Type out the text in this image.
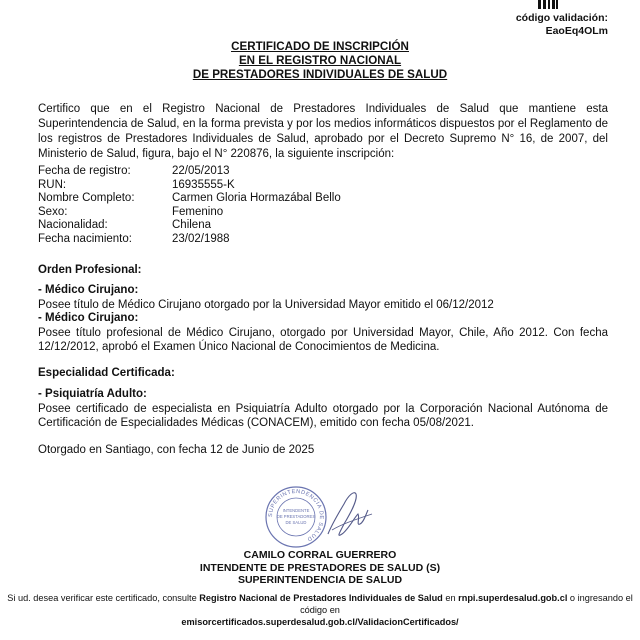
código validación:
EaoEq4OLm
CERTIFICADO DE INSCRIPCIÓN
EN EL REGISTRO NACIONAL
DE PRESTADORES INDIVIDUALES DE SALUD
Certifico que en el Registro Nacional de Prestadores Individuales de Salud que mantiene esta Superintendencia de Salud, en la forma prevista y por los medios informáticos dispuestos por el Reglamento de los registros de Prestadores Individuales de Salud, aprobado por el Decreto Supremo N° 16, de 2007, del Ministerio de Salud, figura, bajo el N° 220876, la siguiente inscripción:
Fecha de registro:	22/05/2013
RUN:	16935555-K
Nombre Completo:	Carmen Gloria Hormazábal Bello
Sexo:	Femenino
Nacionalidad:	Chilena
Fecha nacimiento:	23/02/1988
Orden Profesional:
- Médico Cirujano:
Posee título de Médico Cirujano otorgado por la Universidad Mayor emitido el 06/12/2012
- Médico Cirujano:
Posee título profesional de Médico Cirujano, otorgado por Universidad Mayor, Chile, Año 2012. Con fecha 12/12/2012, aprobó el Examen Único Nacional de Conocimientos de Medicina.
Especialidad Certificada:
- Psiquiatría Adulto:
Posee certificado de especialista en Psiquiatría Adulto otorgado por la Corporación Nacional Autónoma de Certificación de Especialidades Médicas (CONACEM), emitido con fecha 05/08/2021.
Otorgado en Santiago, con fecha 12 de Junio de 2025
SUPERINTENDENCIA DE SALUD
INTENDENTE
DE PRESTADORES
DE SALUD
CAMILO CORRAL GUERRERO
INTENDENTE DE PRESTADORES DE SALUD (S)
SUPERINTENDENCIA DE SALUD
Si ud. desea verificar este certificado, consulte Registro Nacional de Prestadores Individuales de Salud en rnpi.superdesalud.gob.cl o ingresando el código en
emisorcertificados.superdesalud.gob.cl/ValidacionCertificados/
